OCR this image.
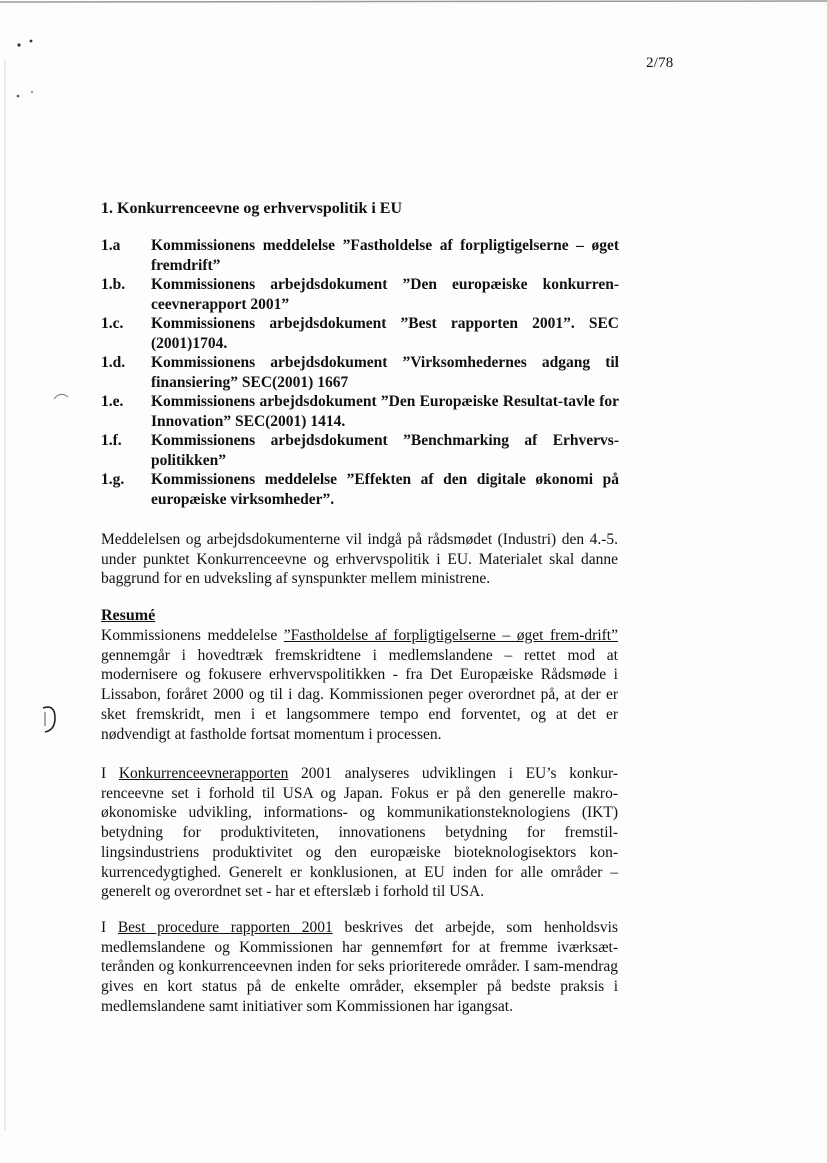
2/78
1. Konkurrenceevne og erhvervspolitik i EU
1.a	Kommissionens meddelelse ”Fastholdelse af forpligtigelserne – øget fremdrift”
1.b.	Kommissionens arbejdsdokument ”Den europæiske konkurren-ceevnerapport 2001”
1.c.	Kommissionens arbejdsdokument ”Best rapporten 2001”. SEC (2001)1704.
1.d.	Kommissionens arbejdsdokument ”Virksomhedernes adgang til finansiering” SEC(2001) 1667
1.e.	Kommissionens arbejdsdokument ”Den Europæiske Resultat-tavle for Innovation” SEC(2001) 1414.
1.f.	Kommissionens arbejdsdokument ”Benchmarking af Erhvervs-politikken”
1.g.	Kommissionens meddelelse ”Effekten af den digitale økonomi på europæiske virksomheder”.

Meddelelsen og arbejdsdokumenterne vil indgå på rådsmødet (Industri) den 4.-5. under punktet Konkurrenceevne og erhvervspolitik i EU. Materialet skal danne baggrund for en udveksling af synspunkter mellem ministrene.

Resumé

Kommissionens meddelelse ”Fastholdelse af forpligtigelserne – øget frem-drift” gennemgår i hovedtræk fremskridtene i medlemslandene – rettet mod at modernisere og fokusere erhvervspolitikken - fra Det Europæiske Rådsmøde i Lissabon, foråret 2000 og til i dag. Kommissionen peger overordnet på, at der er sket fremskridt, men i et langsommere tempo end forventet, og at det er nødvendigt at fastholde fortsat momentum i processen.

I Konkurrenceevnerapporten 2001 analyseres udviklingen i EU’s konkur-renceevne set i forhold til USA og Japan. Fokus er på den generelle makro-økonomiske udvikling, informations- og kommunikationsteknologiens (IKT) betydning for produktiviteten, innovationens betydning for fremstil-lingsindustriens produktivitet og den europæiske bioteknologisektors kon-kurrencedygtighed. Generelt er konklusionen, at EU inden for alle områder – generelt og overordnet set - har et efterslæb i forhold til USA.

I Best procedure rapporten 2001 beskrives det arbejde, som henholdsvis medlemslandene og Kommissionen har gennemført for at fremme iværksæt-terånden og konkurrenceevnen inden for seks prioriterede områder. I sam-mendrag gives en kort status på de enkelte områder, eksempler på bedste praksis i medlemslandene samt initiativer som Kommissionen har igangsat.
